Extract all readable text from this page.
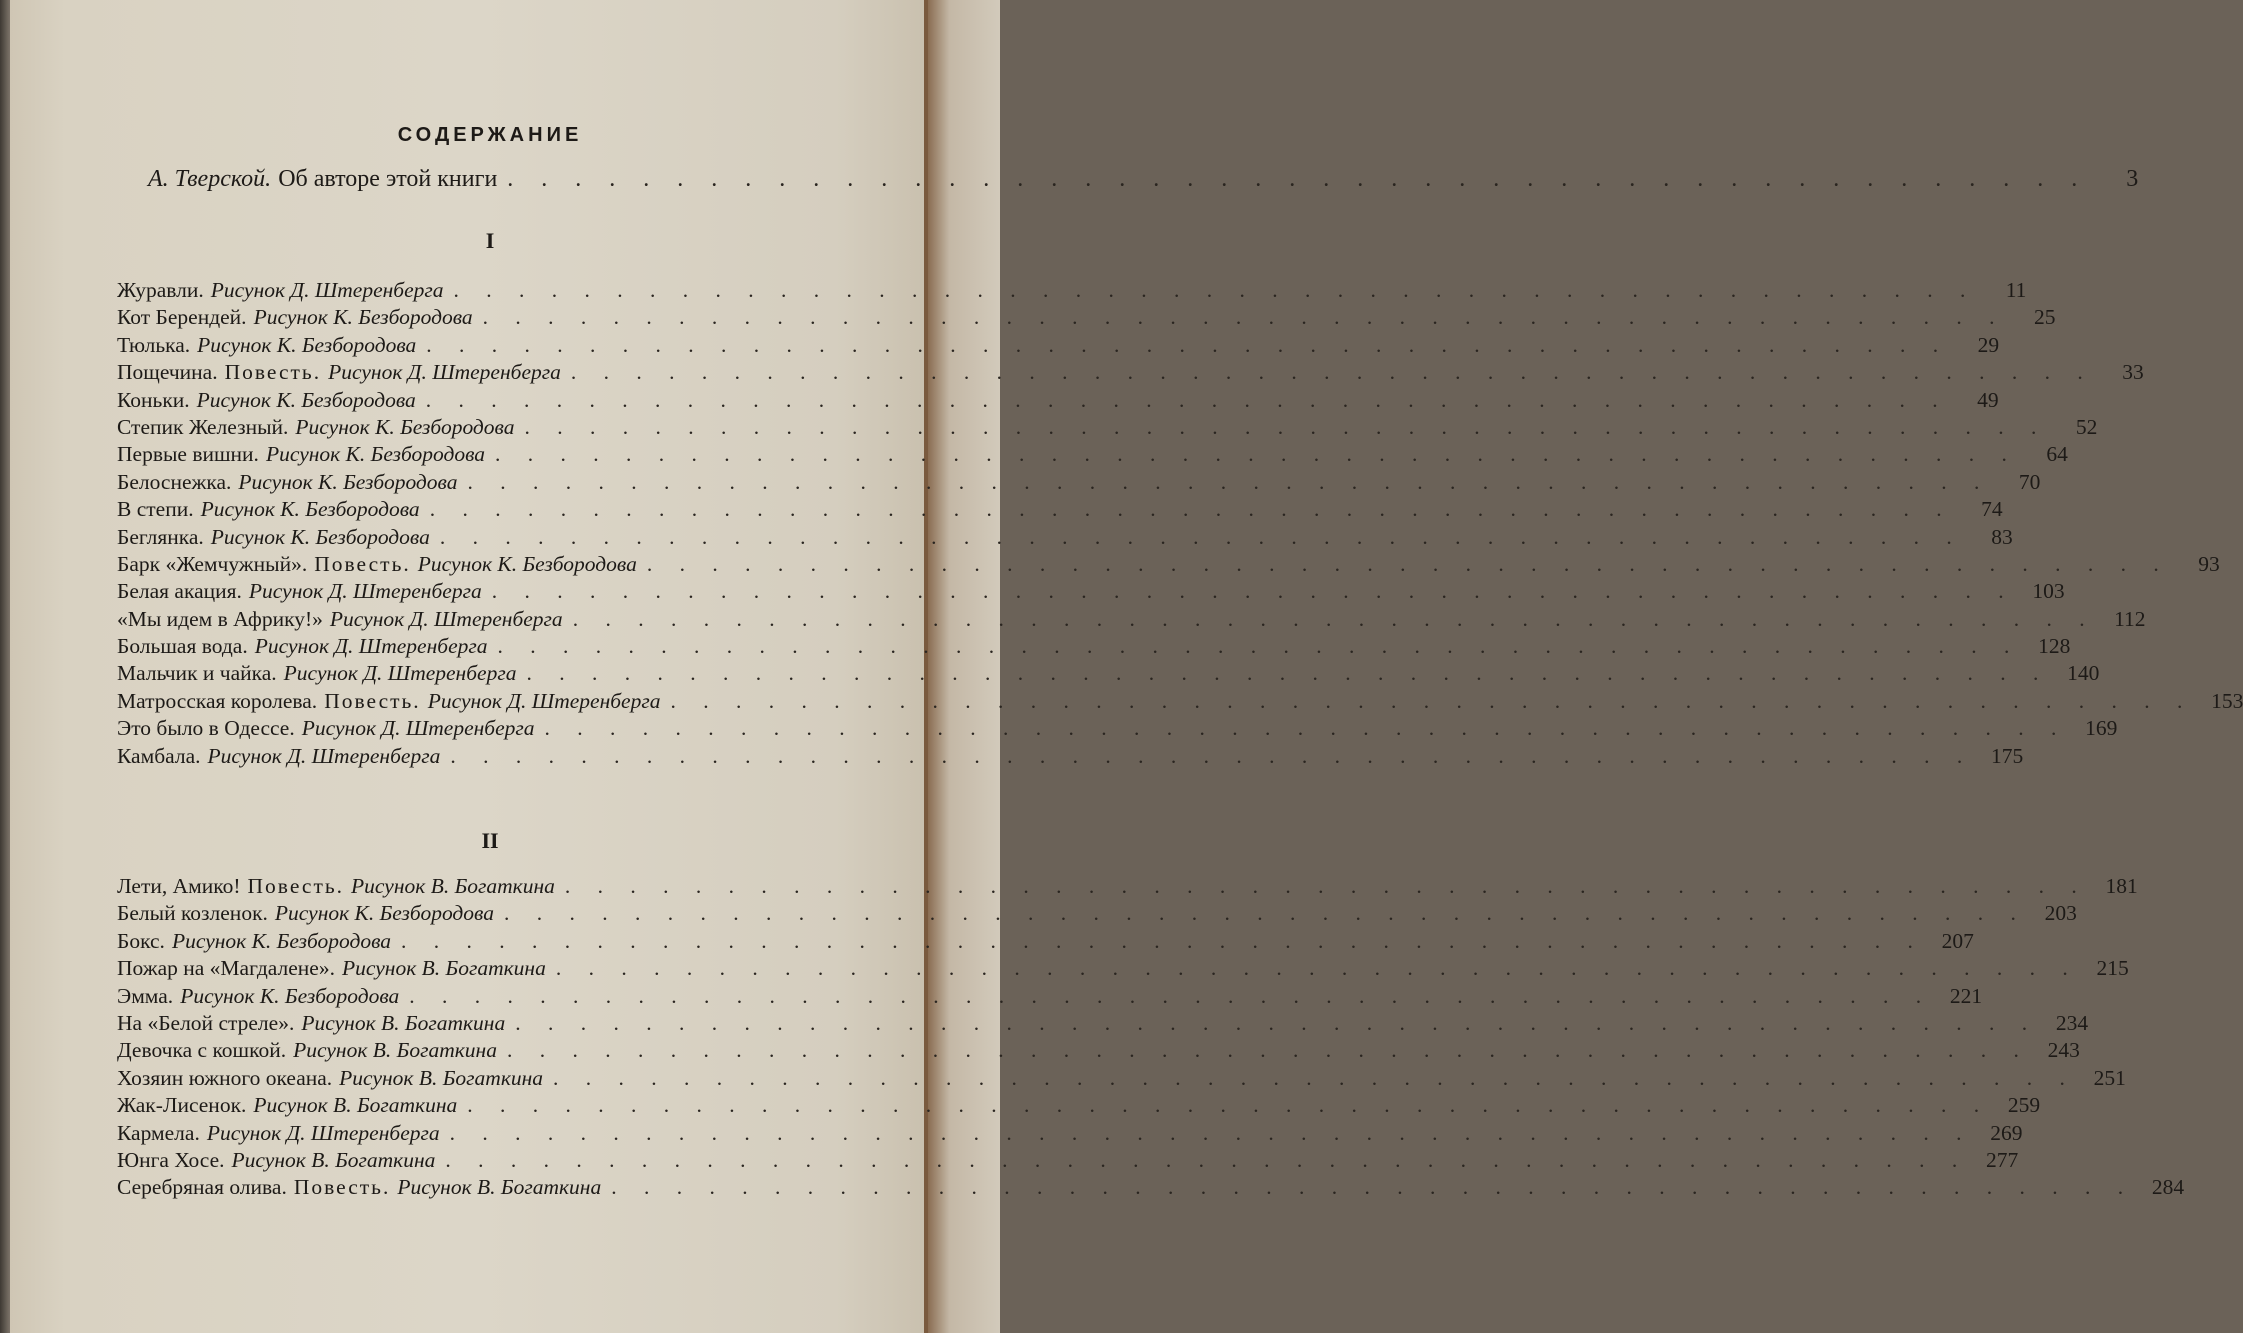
СОДЕРЖАНИЕ
А. Тверской. Об авторе этой книги . . . . . . . . . . . . . . . . . . . . . . . . . . . . . . . . . . . . . . . . . . . . . . .	3
I
Журавли. Рисунок Д. Штеренберга . . . . . . . . . . . . . . . . . . . . . . . . . . . . . . . . . . . . . . . . . . . . . . .	11
Кот Берендей. Рисунок К. Безбородова . . . . . . . . . . . . . . . . . . . . . . . . . . . . . . . . . . . . . . . . . . . . . . .	25
Тюлька. Рисунок К. Безбородова . . . . . . . . . . . . . . . . . . . . . . . . . . . . . . . . . . . . . . . . . . . . . . .	29
Пощечина. Повесть. Рисунок Д. Штеренберга . . . . . . . . . . . . . . . . . . . . . . . . . . . . . . . . . . . . . . . . . . . . . . .	33
Коньки. Рисунок К. Безбородова . . . . . . . . . . . . . . . . . . . . . . . . . . . . . . . . . . . . . . . . . . . . . . .	49
Степик Железный. Рисунок К. Безбородова . . . . . . . . . . . . . . . . . . . . . . . . . . . . . . . . . . . . . . . . . . . . . . .	52
Первые вишни. Рисунок К. Безбородова . . . . . . . . . . . . . . . . . . . . . . . . . . . . . . . . . . . . . . . . . . . . . . .	64
Белоснежка. Рисунок К. Безбородова . . . . . . . . . . . . . . . . . . . . . . . . . . . . . . . . . . . . . . . . . . . . . . .	70
В степи. Рисунок К. Безбородова . . . . . . . . . . . . . . . . . . . . . . . . . . . . . . . . . . . . . . . . . . . . . . .	74
Беглянка. Рисунок К. Безбородова . . . . . . . . . . . . . . . . . . . . . . . . . . . . . . . . . . . . . . . . . . . . . . .	83
Барк «Жемчужный». Повесть. Рисунок К. Безбородова . . . . . . . . . . . . . . . . . . . . . . . . . . . . . . . . . . . . . . . . . . . . . . .	93
Белая акация. Рисунок Д. Штеренберга . . . . . . . . . . . . . . . . . . . . . . . . . . . . . . . . . . . . . . . . . . . . . . . 103
«Мы идем в Африку!» Рисунок Д. Штеренберга . . . . . . . . . . . . . . . . . . . . . . . . . . . . . . . . . . . . . . . . . . . . . . . 112
Большая вода. Рисунок Д. Штеренберга . . . . . . . . . . . . . . . . . . . . . . . . . . . . . . . . . . . . . . . . . . . . . . . 128
Мальчик и чайка. Рисунок Д. Штеренберга . . . . . . . . . . . . . . . . . . . . . . . . . . . . . . . . . . . . . . . . . . . . . . . 140
Матросская королева. Повесть. Рисунок Д. Штеренберга . . . . . . . . . . . . . . . . . . . . . . . . . . . . . . . . . . . . . . . . . . . . . . . 153
Это было в Одессе. Рисунок Д. Штеренберга . . . . . . . . . . . . . . . . . . . . . . . . . . . . . . . . . . . . . . . . . . . . . . . 169
Камбала. Рисунок Д. Штеренберга . . . . . . . . . . . . . . . . . . . . . . . . . . . . . . . . . . . . . . . . . . . . . . . 175
II
Лети, Амико! Повесть. Рисунок В. Богаткина . . . . . . . . . . . . . . . . . . . . . . . . . . . . . . . . . . . . . . . . . . . . . . . 181
Белый козленок. Рисунок К. Безбородова . . . . . . . . . . . . . . . . . . . . . . . . . . . . . . . . . . . . . . . . . . . . . . . 203
Бокс. Рисунок К. Безбородова . . . . . . . . . . . . . . . . . . . . . . . . . . . . . . . . . . . . . . . . . . . . . . . 207
Пожар на «Магдалене». Рисунок В. Богаткина . . . . . . . . . . . . . . . . . . . . . . . . . . . . . . . . . . . . . . . . . . . . . . . 215
Эмма. Рисунок К. Безбородова . . . . . . . . . . . . . . . . . . . . . . . . . . . . . . . . . . . . . . . . . . . . . . . 221
На «Белой стреле». Рисунок В. Богаткина . . . . . . . . . . . . . . . . . . . . . . . . . . . . . . . . . . . . . . . . . . . . . . . 234
Девочка с кошкой. Рисунок В. Богаткина . . . . . . . . . . . . . . . . . . . . . . . . . . . . . . . . . . . . . . . . . . . . . . . 243
Хозяин южного океана. Рисунок В. Богаткина . . . . . . . . . . . . . . . . . . . . . . . . . . . . . . . . . . . . . . . . . . . . . . . 251
Жак-Лисенок. Рисунок В. Богаткина . . . . . . . . . . . . . . . . . . . . . . . . . . . . . . . . . . . . . . . . . . . . . . . 259
Кармела. Рисунок Д. Штеренберга . . . . . . . . . . . . . . . . . . . . . . . . . . . . . . . . . . . . . . . . . . . . . . . 269
Юнга Хосе. Рисунок В. Богаткина . . . . . . . . . . . . . . . . . . . . . . . . . . . . . . . . . . . . . . . . . . . . . . . 277
Серебряная олива. Повесть. Рисунок В. Богаткина . . . . . . . . . . . . . . . . . . . . . . . . . . . . . . . . . . . . . . . . . . . . . . . 284
